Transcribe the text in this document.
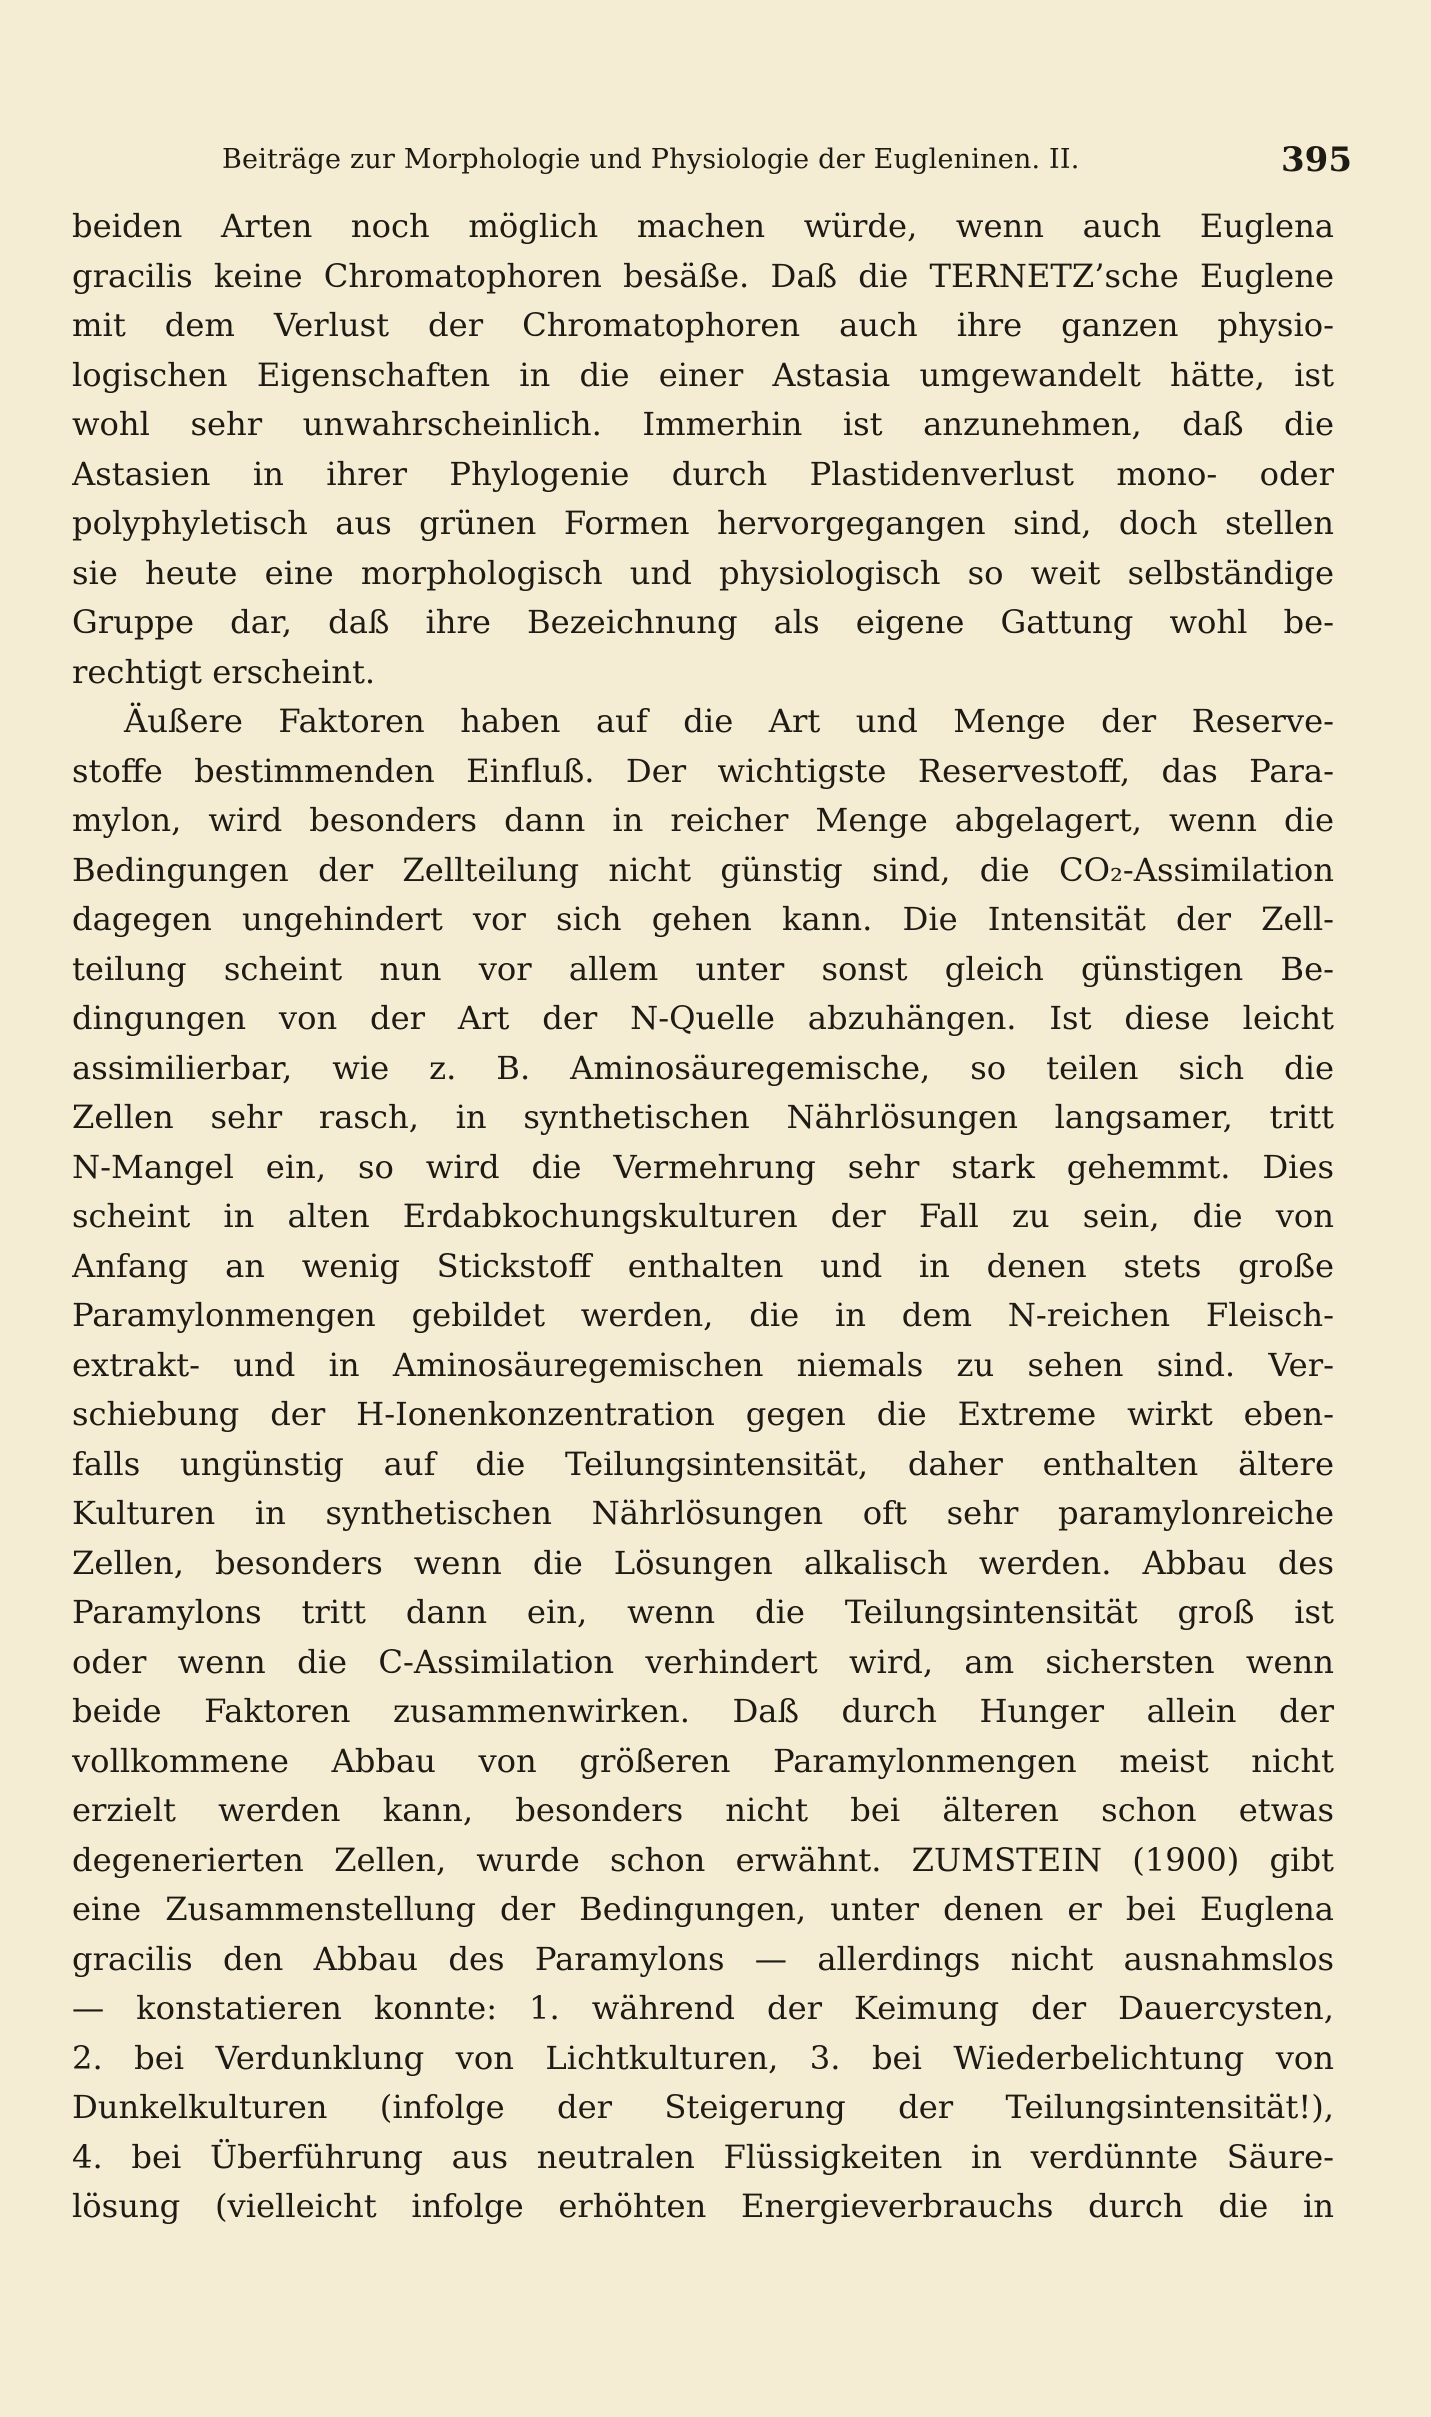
Beiträge zur Morphologie und Physiologie der Eugleninen. II.	395
beiden Arten noch möglich machen würde, wenn auch Euglena
gracilis keine Chromatophoren besäße. Daß die TERNETZ’sche Euglene
mit dem Verlust der Chromatophoren auch ihre ganzen physio-
logischen Eigenschaften in die einer Astasia umgewandelt hätte, ist
wohl sehr unwahrscheinlich. Immerhin ist anzunehmen, daß die
Astasien in ihrer Phylogenie durch Plastidenverlust mono- oder
polyphyletisch aus grünen Formen hervorgegangen sind, doch stellen
sie heute eine morphologisch und physiologisch so weit selbständige
Gruppe dar, daß ihre Bezeichnung als eigene Gattung wohl be-
rechtigt erscheint.
Äußere Faktoren haben auf die Art und Menge der Reserve-
stoffe bestimmenden Einfluß. Der wichtigste Reservestoff, das Para-
mylon, wird besonders dann in reicher Menge abgelagert, wenn die
Bedingungen der Zellteilung nicht günstig sind, die CO₂-Assimilation
dagegen ungehindert vor sich gehen kann. Die Intensität der Zell-
teilung scheint nun vor allem unter sonst gleich günstigen Be-
dingungen von der Art der N-Quelle abzuhängen. Ist diese leicht
assimilierbar, wie z. B. Aminosäuregemische, so teilen sich die
Zellen sehr rasch, in synthetischen Nährlösungen langsamer, tritt
N-Mangel ein, so wird die Vermehrung sehr stark gehemmt. Dies
scheint in alten Erdabkochungskulturen der Fall zu sein, die von
Anfang an wenig Stickstoff enthalten und in denen stets große
Paramylonmengen gebildet werden, die in dem N-reichen Fleisch-
extrakt- und in Aminosäuregemischen niemals zu sehen sind. Ver-
schiebung der H-Ionenkonzentration gegen die Extreme wirkt eben-
falls ungünstig auf die Teilungsintensität, daher enthalten ältere
Kulturen in synthetischen Nährlösungen oft sehr paramylonreiche
Zellen, besonders wenn die Lösungen alkalisch werden. Abbau des
Paramylons tritt dann ein, wenn die Teilungsintensität groß ist
oder wenn die C-Assimilation verhindert wird, am sichersten wenn
beide Faktoren zusammenwirken. Daß durch Hunger allein der
vollkommene Abbau von größeren Paramylonmengen meist nicht
erzielt werden kann, besonders nicht bei älteren schon etwas
degenerierten Zellen, wurde schon erwähnt. ZUMSTEIN (1900) gibt
eine Zusammenstellung der Bedingungen, unter denen er bei Euglena
gracilis den Abbau des Paramylons — allerdings nicht ausnahmslos
— konstatieren konnte: 1. während der Keimung der Dauercysten,
2. bei Verdunklung von Lichtkulturen, 3. bei Wiederbelichtung von
Dunkelkulturen (infolge der Steigerung der Teilungsintensität!),
4. bei Überführung aus neutralen Flüssigkeiten in verdünnte Säure-
lösung (vielleicht infolge erhöhten Energieverbrauchs durch die in
